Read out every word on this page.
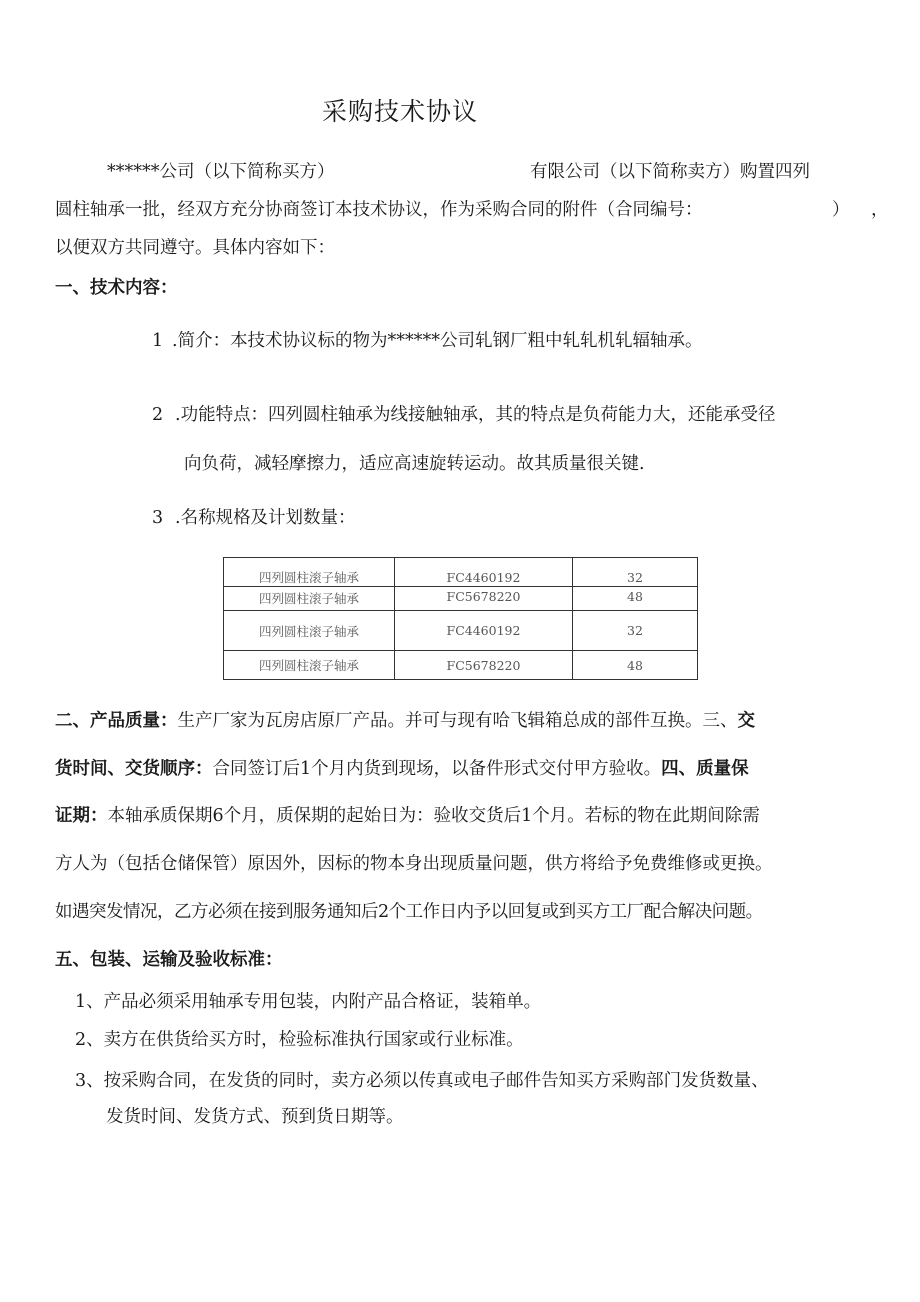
采购技术协议
******公司（以下简称买方）	有限公司（以下简称卖方）购置四列
圆柱轴承一批，经双方充分协商签订本技术协议，作为采购合同的附件（合同编号：	） ，
以便双方共同遵守。具体内容如下：
一、技术内容：
1 .简介：本技术协议标的物为******公司轧钢厂粗中轧轧机轧辐轴承。
2 .功能特点：四列圆柱轴承为线接触轴承，其的特点是负荷能力大，还能承受径
向负荷，减轻摩擦力，适应高速旋转运动。故其质量很关键.
3 .名称规格及计划数量：
四列圆柱滚子轴承	FC4460192	32
四列圆柱滚子轴承	FC5678220	48
四列圆柱滚子轴承	FC4460192	32
四列圆柱滚子轴承	FC5678220	48
二、产品质量：生产厂家为瓦房店原厂产品。并可与现有哈飞辑箱总成的部件互换。三、交
货时间、交货顺序：合同签订后1个月内货到现场，以备件形式交付甲方验收。四、质量保
证期：本轴承质保期6个月，质保期的起始日为：验收交货后1个月。若标的物在此期间除需
方人为（包括仓储保管）原因外，因标的物本身出现质量问题，供方将给予免费维修或更换。
如遇突发情况，乙方必须在接到服务通知后2个工作日内予以回复或到买方工厂配合解决问题。
五、包装、运输及验收标准：
1、产品必须采用轴承专用包装，内附产品合格证，装箱单。
2、卖方在供货给买方时，检验标准执行国家或行业标准。
3、按采购合同，在发货的同时，卖方必须以传真或电子邮件告知买方采购部门发货数量、
发货时间、发货方式、预到货日期等。
